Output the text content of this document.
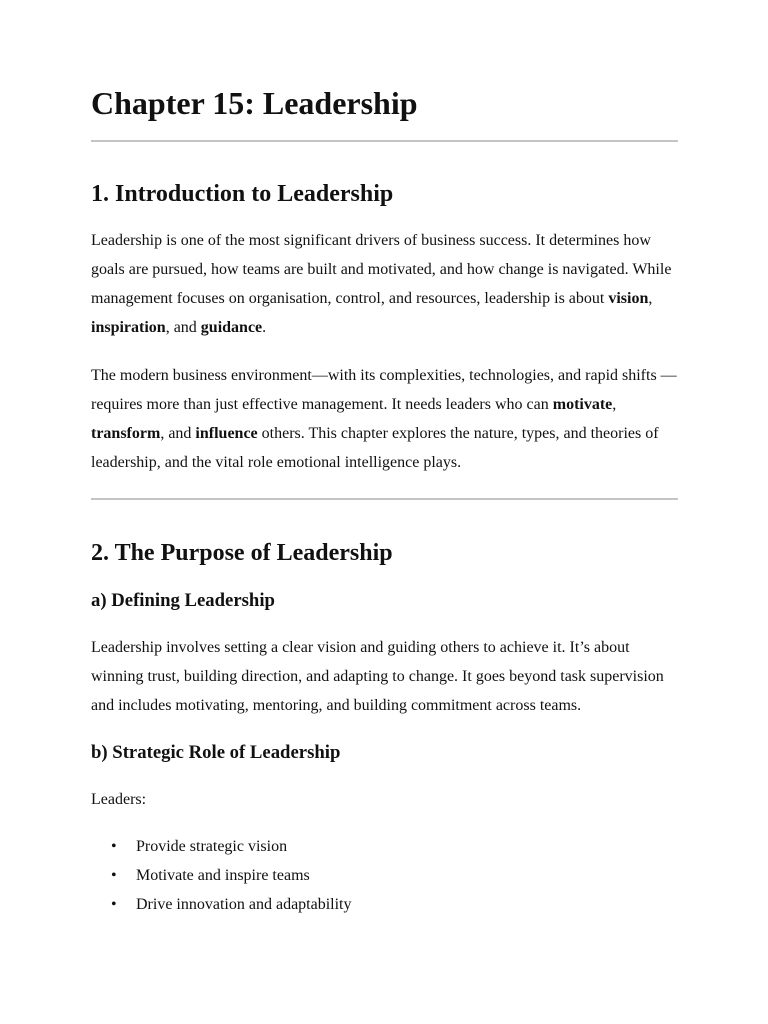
Chapter 15: Leadership
1. Introduction to Leadership

Leadership is one of the most significant drivers of business success. It determines how goals are pursued, how teams are built and motivated, and how change is navigated. While management focuses on organisation, control, and resources, leadership is about vision, inspiration, and guidance.

The modern business environment—with its complexities, technologies, and rapid shifts —requires more than just effective management. It needs leaders who can motivate, transform, and influence others. This chapter explores the nature, types, and theories of leadership, and the vital role emotional intelligence plays.

2. The Purpose of Leadership
a) Defining Leadership

Leadership involves setting a clear vision and guiding others to achieve it. It’s about winning trust, building direction, and adapting to change. It goes beyond task supervision and includes motivating, mentoring, and building commitment across teams.

b) Strategic Role of Leadership

Leaders:

• Provide strategic vision
• Motivate and inspire teams
• Drive innovation and adaptability
